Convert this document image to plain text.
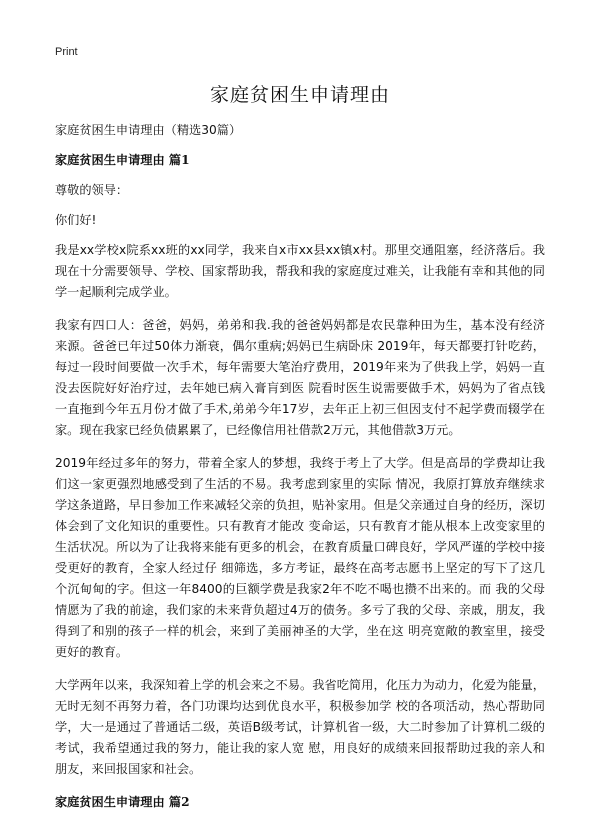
Print
家庭贫困生申请理由

家庭贫困生申请理由（精选30篇）

家庭贫困生申请理由 篇1

尊敬的领导：

你们好!

我是xx学校x院系xx班的xx同学，我来自x市xx县xx镇x村。那里交通阻塞，经济落后。我现在十分需要领导、学校、国家帮助我，帮我和我的家庭度过难关，让我能有幸和其他的同学一起顺利完成学业。

我家有四口人：爸爸，妈妈，弟弟和我.我的爸爸妈妈都是农民靠种田为生，基本没有经济来源。爸爸已年过50体力渐衰，偶尔重病;妈妈已生病卧床 2019年，每天都要打针吃药，每过一段时间要做一次手术，每年需要大笔治疗费用，2019年来为了供我上学，妈妈一直没去医院好好治疗过，去年她已病入膏肓到医 院看时医生说需要做手术，妈妈为了省点钱一直拖到今年五月份才做了手术,弟弟今年17岁，去年正上初三但因支付不起学费而辍学在家。现在我家已经负债累累了，已经像信用社借款2万元，其他借款3万元。

2019年经过多年的努力，带着全家人的梦想，我终于考上了大学。但是高昂的学费却让我们这一家更强烈地感受到了生活的不易。我考虑到家里的实际 情况，我原打算放弃继续求学这条道路，早日参加工作来减轻父亲的负担，贴补家用。但是父亲通过自身的经历，深切体会到了文化知识的重要性。只有教育才能改 变命运，只有教育才能从根本上改变家里的生活状况。所以为了让我将来能有更多的机会，在教育质量口碑良好，学风严谨的学校中接受更好的教育，全家人经过仔 细筛选，多方考证，最终在高考志愿书上坚定的写下了这几个沉甸甸的字。但这一年8400的巨额学费是我家2年不吃不喝也攒不出来的。而 我的父母情愿为了我的前途，我们家的未来背负超过4万的债务。多亏了我的父母、亲戚，朋友，我得到了和别的孩子一样的机会，来到了美丽神圣的大学，坐在这 明亮宽敞的教室里，接受更好的教育。

大学两年以来，我深知着上学的机会来之不易。我省吃简用，化压力为动力，化爱为能量，无时无刻不再努力着，各门功课均达到优良水平，积极参加学 校的各项活动，热心帮助同学，大一是通过了普通话二级，英语B级考试，计算机省一级，大二时参加了计算机二级的考试，我希望通过我的努力，能让我的家人宽 慰，用良好的成绩来回报帮助过我的亲人和朋友，来回报国家和社会。

家庭贫困生申请理由 篇2
